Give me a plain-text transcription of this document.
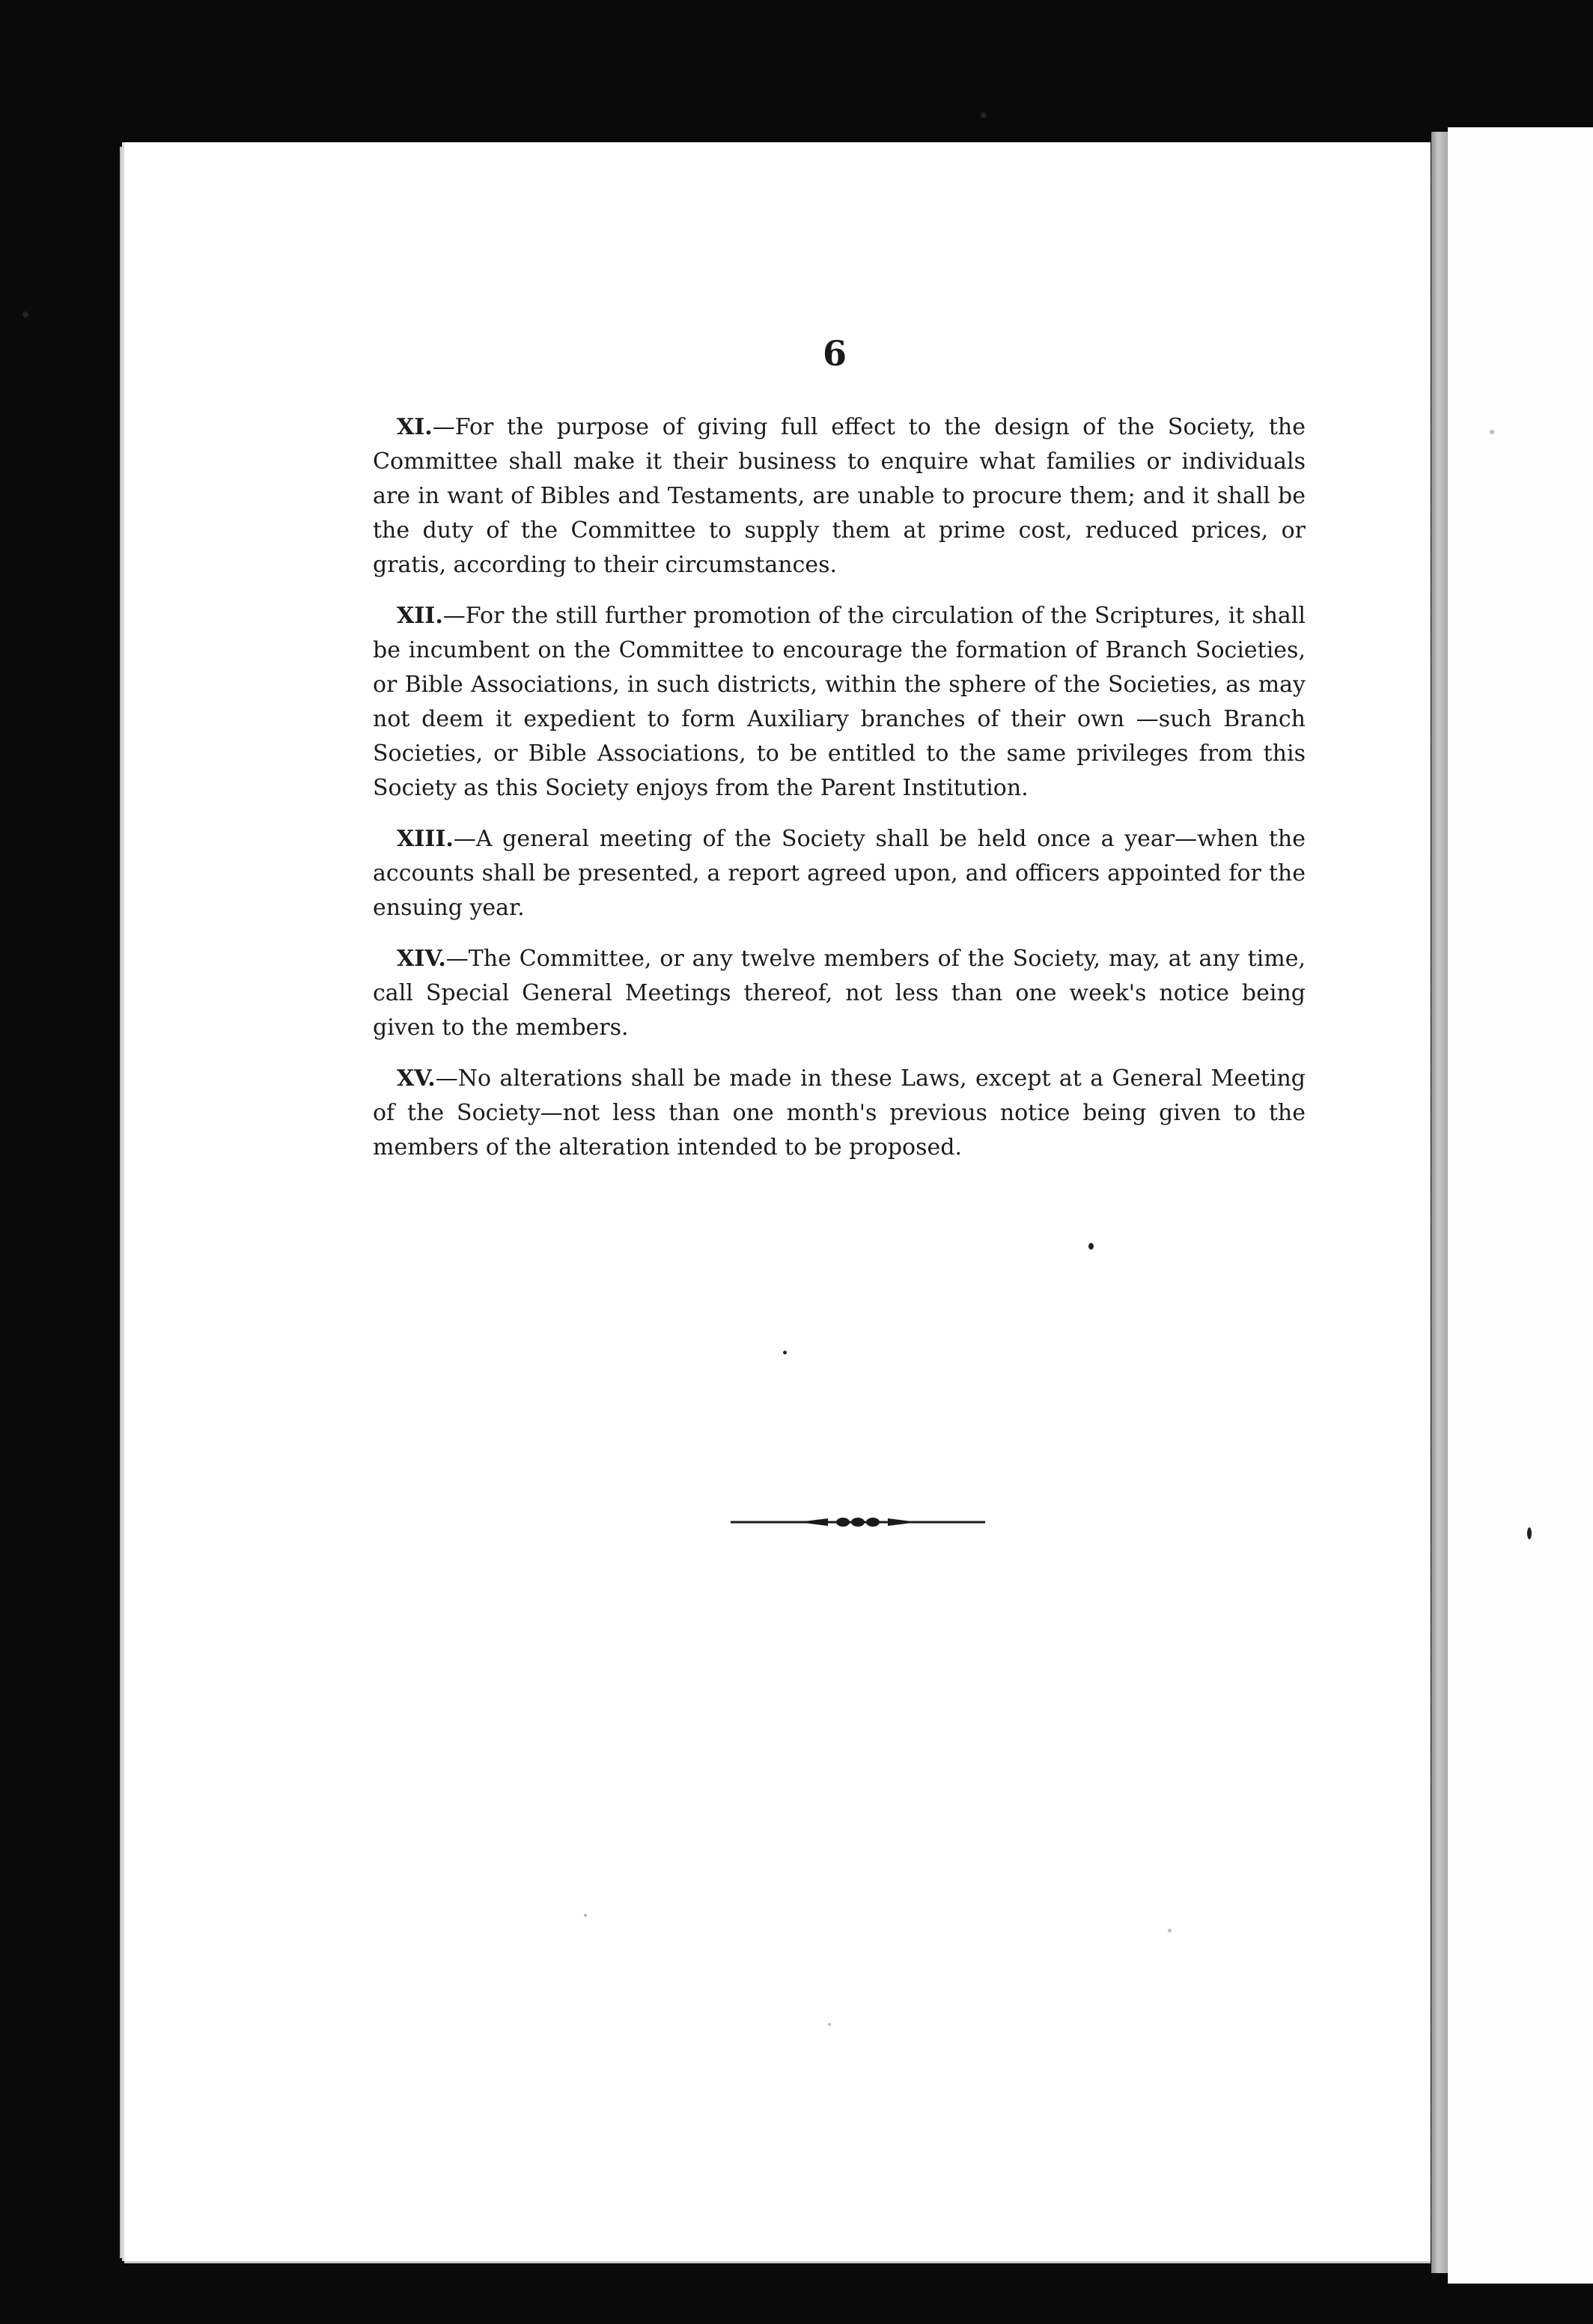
6

XI.—For the purpose of giving full effect to the design of the Society, the Committee shall make it their business to enquire what families or individuals are in want of Bibles and Testaments, are unable to procure them; and it shall be the duty of the Committee to supply them at prime cost, reduced prices, or gratis, according to their circumstances.

XII.—For the still further promotion of the circulation of the Scriptures, it shall be incumbent on the Committee to encourage the formation of Branch Societies, or Bible Associations, in such districts, within the sphere of the Societies, as may not deem it expedient to form Auxiliary branches of their own —such Branch Societies, or Bible Associations, to be entitled to the same privileges from this Society as this Society enjoys from the Parent Institution.

XIII.—A general meeting of the Society shall be held once a year—when the accounts shall be presented, a report agreed upon, and officers appointed for the ensuing year.

XIV.—The Committee, or any twelve members of the Society, may, at any time, call Special General Meetings thereof, not less than one week's notice being given to the members.

XV.—No alterations shall be made in these Laws, except at a General Meeting of the Society—not less than one month's previous notice being given to the members of the alteration intended to be proposed.
